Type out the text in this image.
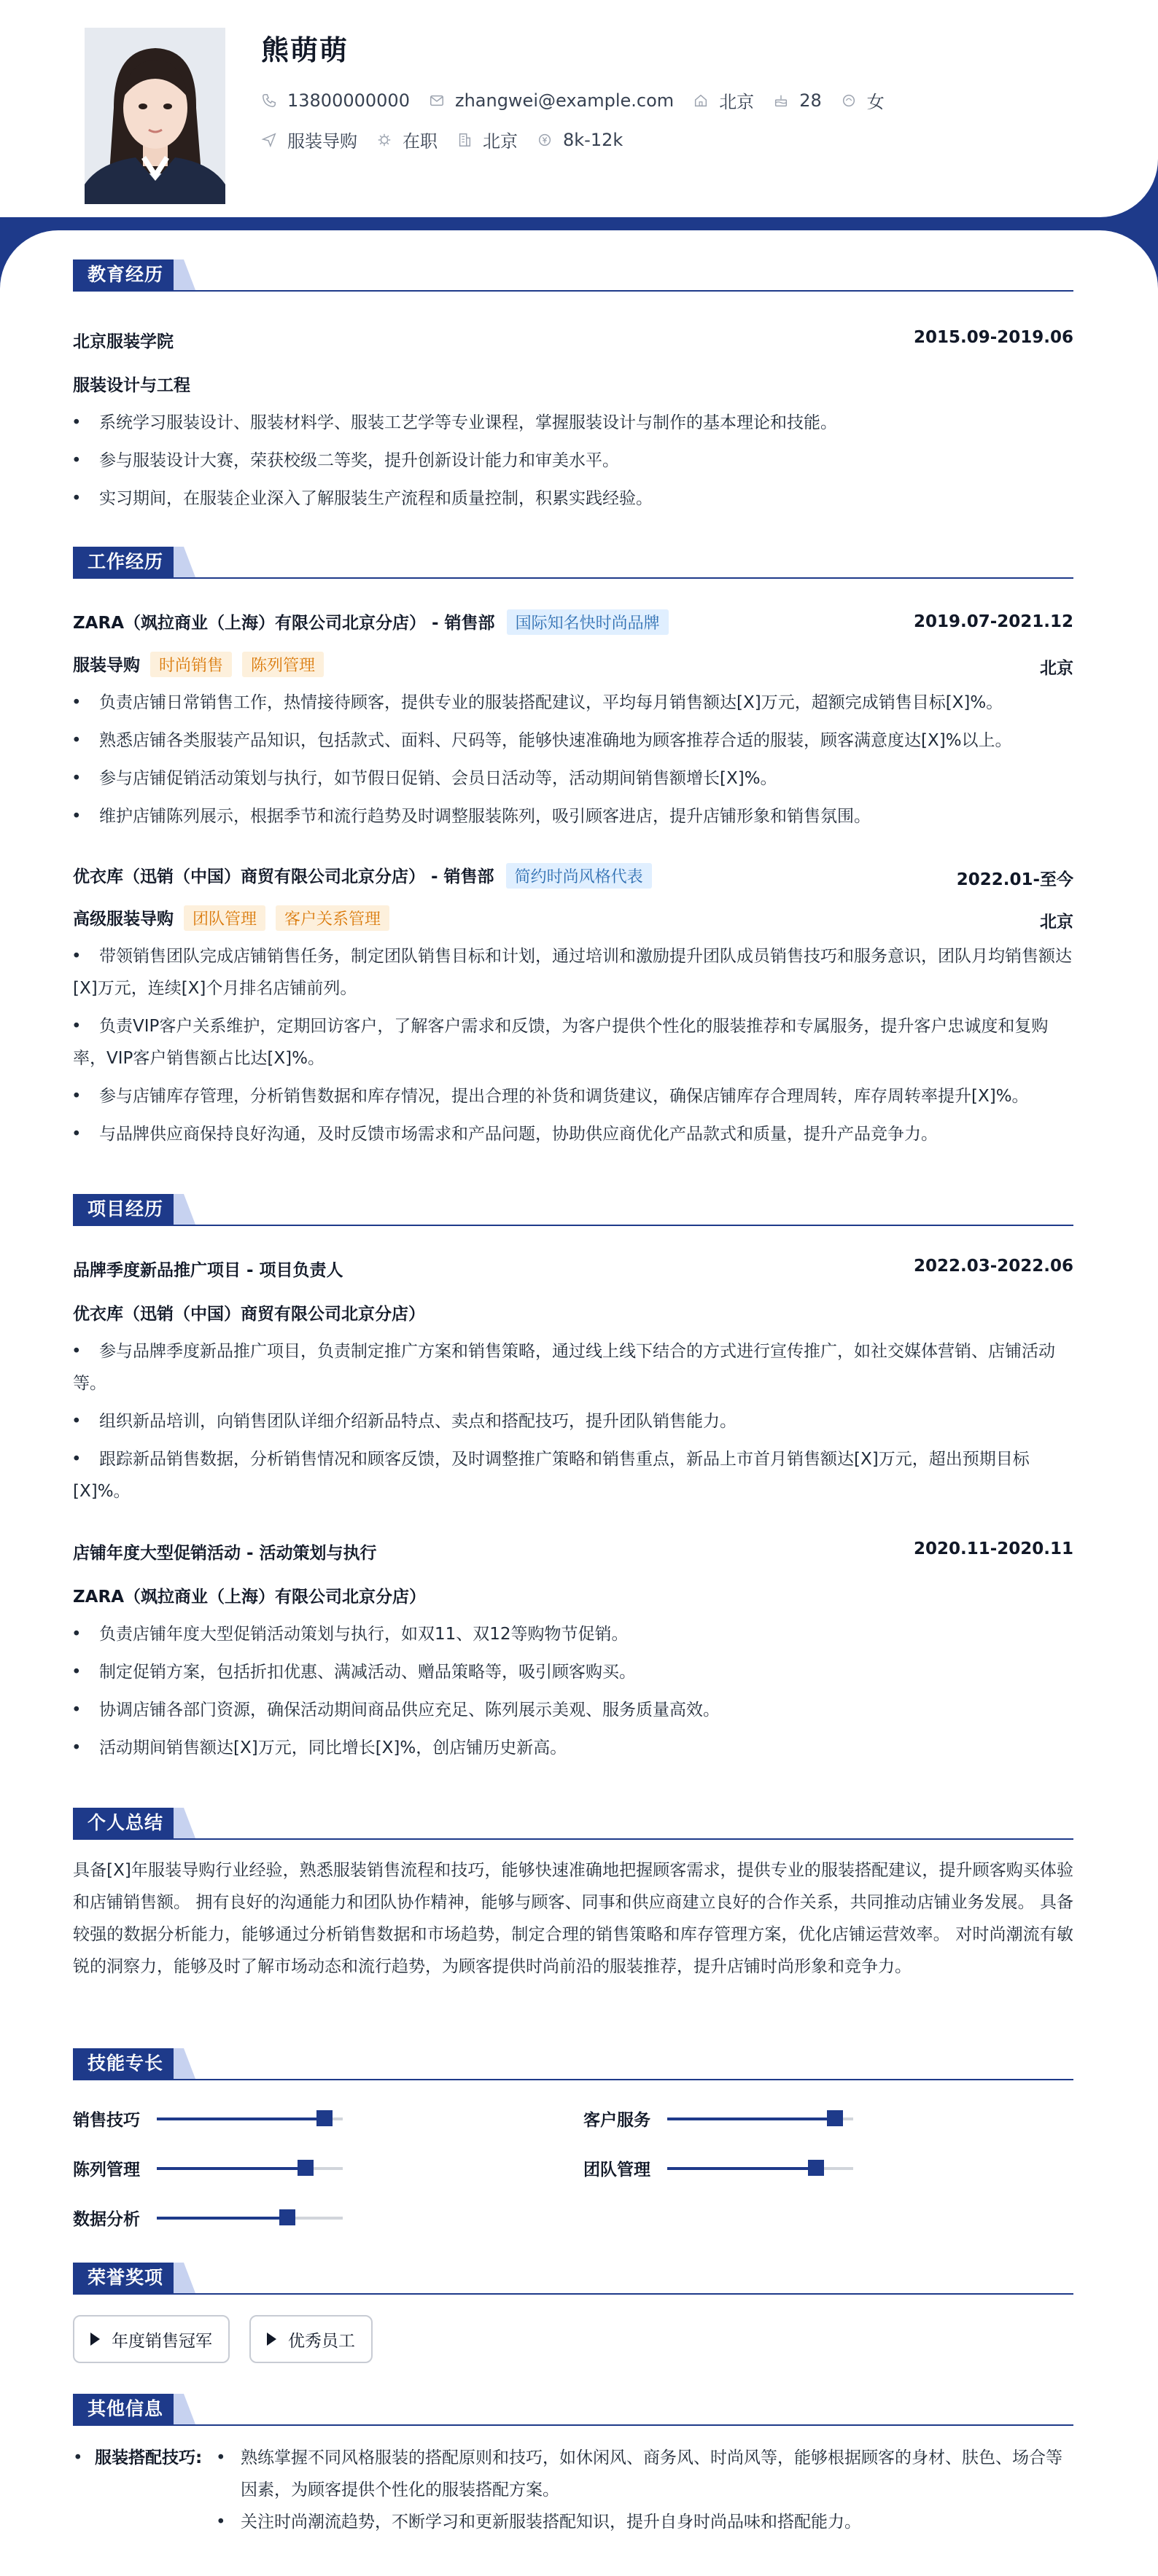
熊萌萌
13800000000	zhangwei@example.com	北京	28	女
服装导购	在职	北京	8k-12k
教育经历
北京服装学院	2015.09-2019.06
服装设计与工程
• 系统学习服装设计、服装材料学、服装工艺学等专业课程，掌握服装设计与制作的基本理论和技能。
• 参与服装设计大赛，荣获校级二等奖，提升创新设计能力和审美水平。
• 实习期间，在服装企业深入了解服装生产流程和质量控制，积累实践经验。
工作经历
ZARA（飒拉商业（上海）有限公司北京分店） - 销售部 国际知名快时尚品牌	2019.07-2021.12
服装导购 时尚销售 陈列管理	北京
• 负责店铺日常销售工作，热情接待顾客，提供专业的服装搭配建议，平均每月销售额达[X]万元，超额完成销售目标[X]%。
• 熟悉店铺各类服装产品知识，包括款式、面料、尺码等，能够快速准确地为顾客推荐合适的服装，顾客满意度达[X]%以上。
• 参与店铺促销活动策划与执行，如节假日促销、会员日活动等，活动期间销售额增长[X]%。
• 维护店铺陈列展示，根据季节和流行趋势及时调整服装陈列，吸引顾客进店，提升店铺形象和销售氛围。
优衣库（迅销（中国）商贸有限公司北京分店） - 销售部 简约时尚风格代表	2022.01-至今
高级服装导购 团队管理 客户关系管理	北京
• 带领销售团队完成店铺销售任务，制定团队销售目标和计划，通过培训和激励提升团队成员销售技巧和服务意识，团队月均销售额达[X]万元，连续[X]个月排名店铺前列。
• 负责VIP客户关系维护，定期回访客户，了解客户需求和反馈，为客户提供个性化的服装推荐和专属服务，提升客户忠诚度和复购率，VIP客户销售额占比达[X]%。
• 参与店铺库存管理，分析销售数据和库存情况，提出合理的补货和调货建议，确保店铺库存合理周转，库存周转率提升[X]%。
• 与品牌供应商保持良好沟通，及时反馈市场需求和产品问题，协助供应商优化产品款式和质量，提升产品竞争力。
项目经历
品牌季度新品推广项目 - 项目负责人	2022.03-2022.06
优衣库（迅销（中国）商贸有限公司北京分店）
• 参与品牌季度新品推广项目，负责制定推广方案和销售策略，通过线上线下结合的方式进行宣传推广，如社交媒体营销、店铺活动等。
• 组织新品培训，向销售团队详细介绍新品特点、卖点和搭配技巧，提升团队销售能力。
• 跟踪新品销售数据，分析销售情况和顾客反馈，及时调整推广策略和销售重点，新品上市首月销售额达[X]万元，超出预期目标[X]%。
店铺年度大型促销活动 - 活动策划与执行	2020.11-2020.11
ZARA（飒拉商业（上海）有限公司北京分店）
• 负责店铺年度大型促销活动策划与执行，如双11、双12等购物节促销。
• 制定促销方案，包括折扣优惠、满减活动、赠品策略等，吸引顾客购买。
• 协调店铺各部门资源，确保活动期间商品供应充足、陈列展示美观、服务质量高效。
• 活动期间销售额达[X]万元，同比增长[X]%，创店铺历史新高。
个人总结
具备[X]年服装导购行业经验，熟悉服装销售流程和技巧，能够快速准确地把握顾客需求，提供专业的服装搭配建议，提升顾客购买体验和店铺销售额。 拥有良好的沟通能力和团队协作精神，能够与顾客、同事和供应商建立良好的合作关系，共同推动店铺业务发展。 具备较强的数据分析能力，能够通过分析销售数据和市场趋势，制定合理的销售策略和库存管理方案，优化店铺运营效率。 对时尚潮流有敏锐的洞察力，能够及时了解市场动态和流行趋势，为顾客提供时尚前沿的服装推荐，提升店铺时尚形象和竞争力。
技能专长
销售技巧	客户服务
陈列管理	团队管理
数据分析
荣誉奖项
年度销售冠军	优秀员工
其他信息
• 服装搭配技巧: • 熟练掌握不同风格服装的搭配原则和技巧，如休闲风、商务风、时尚风等，能够根据顾客的身材、肤色、场合等因素，为顾客提供个性化的服装搭配方案。
• 关注时尚潮流趋势，不断学习和更新服装搭配知识，提升自身时尚品味和搭配能力。
